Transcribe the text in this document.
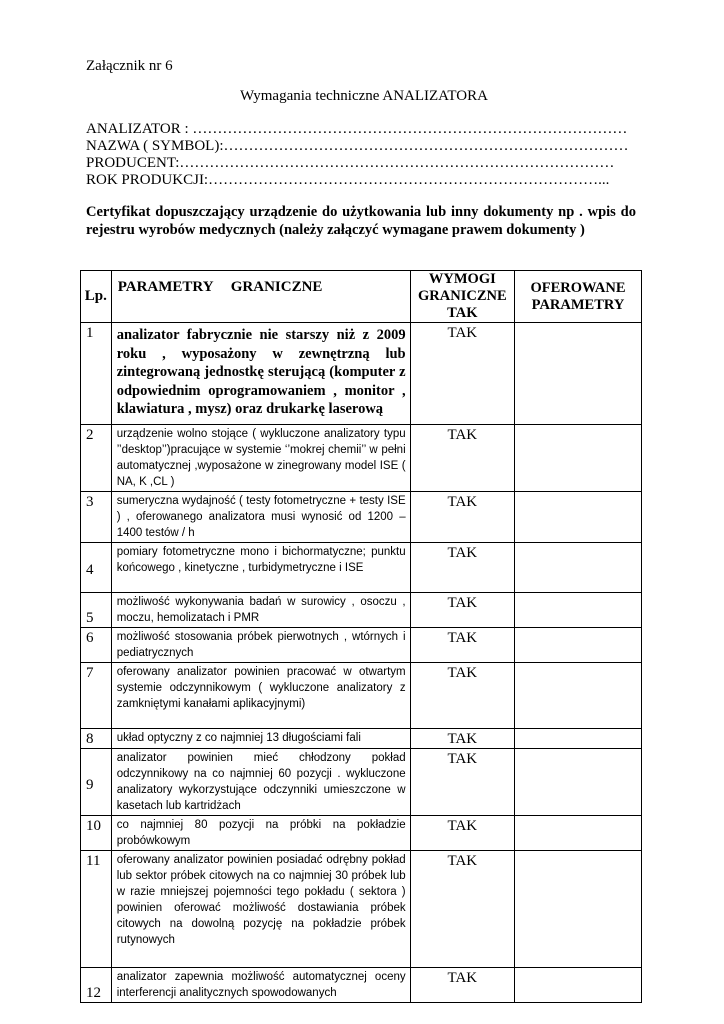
Załącznik nr 6
Wymagania techniczne ANALIZATORA
ANALIZATOR : ……………………………………………………………………………
NAZWA ( SYMBOL):………………………………………………………………………
PRODUCENT:……………………………………………………………………………
ROK PRODUKCJI:……………………………………………………………………...
Certyfikat dopuszczający urządzenie do użytkowania lub inny dokumenty np . wpis do rejestru wyrobów medycznych (należy załączyć wymagane prawem dokumenty )
Lp.	PARAMETRY GRANICZNE	WYMOGI GRANICZNE TAK	OFEROWANE PARAMETRY
1	analizator fabrycznie nie starszy niż z 2009 roku , wyposażony w zewnętrzną lub zintegrowaną jednostkę sterującą (komputer z odpowiednim oprogramowaniem , monitor , klawiatura , mysz) oraz drukarkę laserową	TAK	
2	urządzenie wolno stojące ( wykluczone analizatory typu ’’desktop’’)pracujące w systemie ‘’mokrej chemii’’ w pełni automatycznej ,wyposażone w zinegrowany model ISE ( NA, K ,CL )	TAK	
3	sumeryczna wydajność ( testy fotometryczne + testy ISE ) , oferowanego analizatora musi wynosić od 1200 – 1400 testów / h	TAK	
4	pomiary fotometryczne mono i bichormatyczne; punktu końcowego , kinetyczne , turbidymetryczne i ISE	TAK	
5	możliwość wykonywania badań w surowicy , osoczu , moczu, hemolizatach i PMR	TAK	
6	możliwość stosowania próbek pierwotnych , wtórnych i pediatrycznych	TAK	
7	oferowany analizator powinien pracować w otwartym systemie odczynnikowym ( wykluczone analizatory z zamkniętymi kanałami aplikacyjnymi)	TAK	
8	układ optyczny z co najmniej 13 długościami fali	TAK	
9	analizator powinien mieć chłodzony pokład odczynnikowy na co najmniej 60 pozycji . wykluczone analizatory wykorzystujące odczynniki umieszczone w kasetach lub kartridżach	TAK	
10	co najmniej 80 pozycji na próbki na pokładzie probówkowym	TAK	
11	oferowany analizator powinien posiadać odrębny pokład lub sektor próbek citowych na co najmniej 30 próbek lub w razie mniejszej pojemności tego pokładu ( sektora ) powinien oferować możliwość dostawiania próbek citowych na dowolną pozycję na pokładzie próbek rutynowych	TAK	
12	analizator zapewnia możliwość automatycznej oceny interferencji analitycznych spowodowanych	TAK	
